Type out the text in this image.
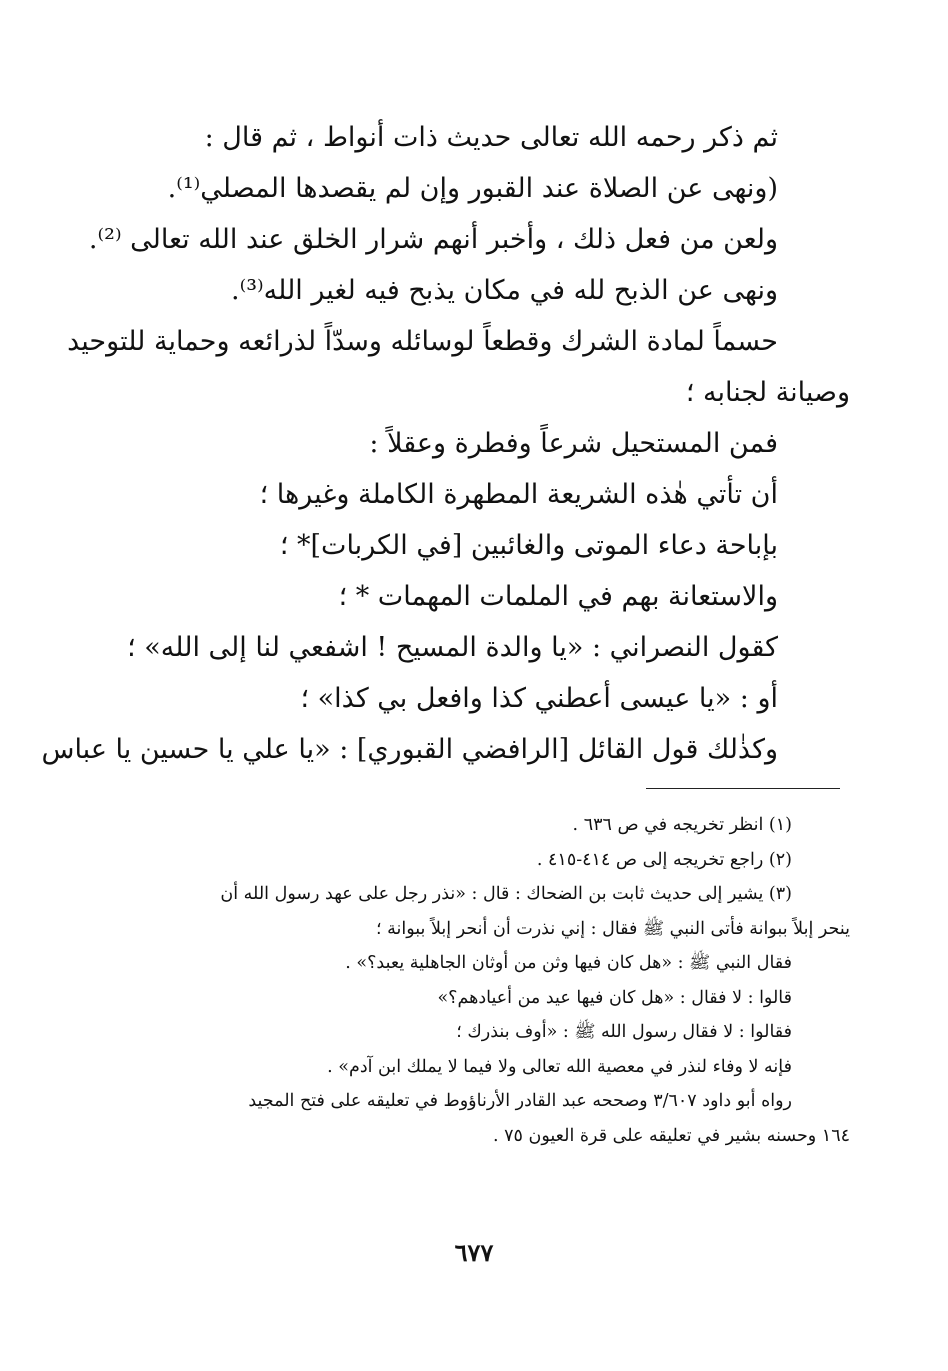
ثم ذكر رحمه الله تعالى حديث ذات أنواط ، ثم قال :
(ونهى عن الصلاة عند القبور وإن لم يقصدها المصلي⁽¹⁾.
ولعن من فعل ذلك ، وأخبر أنهم شرار الخلق عند الله تعالى ⁽²⁾.
ونهى عن الذبح لله في مكان يذبح فيه لغير الله⁽³⁾.
حسماً لمادة الشرك وقطعاً لوسائله وسدّاً لذرائعه وحماية للتوحيد
وصيانة لجنابه ؛
فمن المستحيل شرعاً وفطرة وعقلاً :
أن تأتي هٰذه الشريعة المطهرة الكاملة وغيرها ؛
بإباحة دعاء الموتى والغائبين [في الكربات]* ؛
والاستعانة بهم في الملمات المهمات * ؛
كقول النصراني : «يا والدة المسيح ! اشفعي لنا إلى الله» ؛
أو : «يا عيسى أعطني كذا وافعل بي كذا» ؛
وكذٰلك قول القائل [الرافضي القبوري] : «يا علي يا حسين يا عباس
(١) انظر تخريجه في ص ٦٣٦ .
(٢) راجع تخريجه إلى ص ٤١٤-٤١٥ .
(٣) يشير إلى حديث ثابت بن الضحاك : قال : «نذر رجل على عهد رسول الله أن
ينحر إبلاً ببوانة فأتى النبي ﷺ فقال : إني نذرت أن أنحر إبلاً ببوانة ؛
فقال النبي ﷺ : «هل كان فيها وثن من أوثان الجاهلية يعبد؟» .
قالوا : لا فقال : «هل كان فيها عيد من أعيادهم؟»
فقالوا : لا فقال رسول الله ﷺ : «أوف بنذرك ؛
فإنه لا وفاء لنذر في معصية الله تعالى ولا فيما لا يملك ابن آدم» .
رواه أبو داود ٣/٦٠٧ وصححه عبد القادر الأرناؤوط في تعليقه على فتح المجيد
١٦٤ وحسنه بشير في تعليقه على قرة العيون ٧٥ .
٦٧٧
